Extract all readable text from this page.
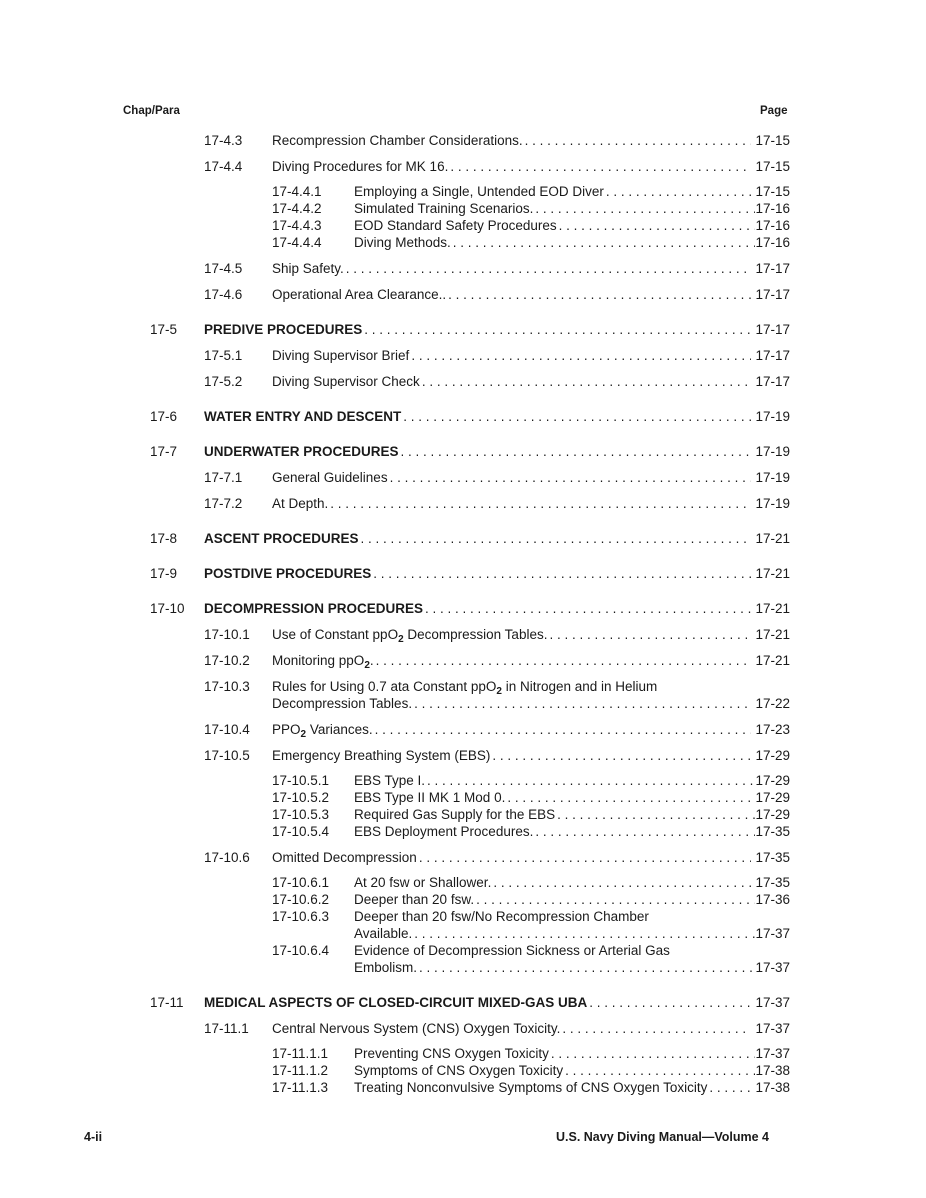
Chap/Para	Page
17-4.3 Recompression Chamber Considerations. . . .	17-15
17-4.4 Diving Procedures for MK 16. . . .	17-15
17-4.4.1 Employing a Single, Untended EOD Diver . . .	17-15
17-4.4.2 Simulated Training Scenarios. . . .	17-16
17-4.4.3 EOD Standard Safety Procedures . . .	17-16
17-4.4.4 Diving Methods. . . .	17-16
17-4.5 Ship Safety. . . .	17-17
17-4.6 Operational Area Clearance.. . . .	17-17
17-5 PREDIVE PROCEDURES . . .	17-17
17-5.1 Diving Supervisor Brief . . .	17-17
17-5.2 Diving Supervisor Check . . .	17-17
17-6 WATER ENTRY AND DESCENT . . .	17-19
17-7 UNDERWATER PROCEDURES . . .	17-19
17-7.1 General Guidelines . . .	17-19
17-7.2 At Depth. . . .	17-19
17-8 ASCENT PROCEDURES . . .	17-21
17-9 POSTDIVE PROCEDURES . . .	17-21
17-10 DECOMPRESSION PROCEDURES . . .	17-21
17-10.1 Use of Constant ppO$_2$ Decompression Tables. . . .	17-21
17-10.2 Monitoring ppO$_2$. . . .	17-21
17-10.3 Rules for Using 0.7 ata Constant ppO$_2$ in Nitrogen and in Helium
Decompression Tables. . . .	17-22
17-10.4 $PPO_2$ Variances. . . .	17-23
17-10.5 Emergency Breathing System (EBS) . . .	17-29
17-10.5.1 EBS Type I. . . .	17-29
17-10.5.2 EBS Type II MK 1 Mod 0. . . .	17-29
17-10.5.3 Required Gas Supply for the EBS . . .	17-29
17-10.5.4 EBS Deployment Procedures. . . .	17-35
17-10.6 Omitted Decompression . . .	17-35
17-10.6.1 At 20 fsw or Shallower. . . .	17-35
17-10.6.2 Deeper than 20 fsw. . . .	17-36
17-10.6.3 Deeper than 20 fsw/No Recompression Chamber
Available. . . .	17-37
17-10.6.4 Evidence of Decompression Sickness or Arterial Gas
Embolism. . . .	17-37
17-11 MEDICAL ASPECTS OF CLOSED-CIRCUIT MIXED-GAS UBA . . .	17-37
17-11.1 Central Nervous System (CNS) Oxygen Toxicity. . . .	17-37
17-11.1.1 Preventing CNS Oxygen Toxicity . . .	17-37
17-11.1.2 Symptoms of CNS Oxygen Toxicity . . .	17-38
17-11.1.3 Treating Nonconvulsive Symptoms of CNS Oxygen Toxicity . . .	17-38
4-ii	U.S. Navy Diving Manual—Volume 4
